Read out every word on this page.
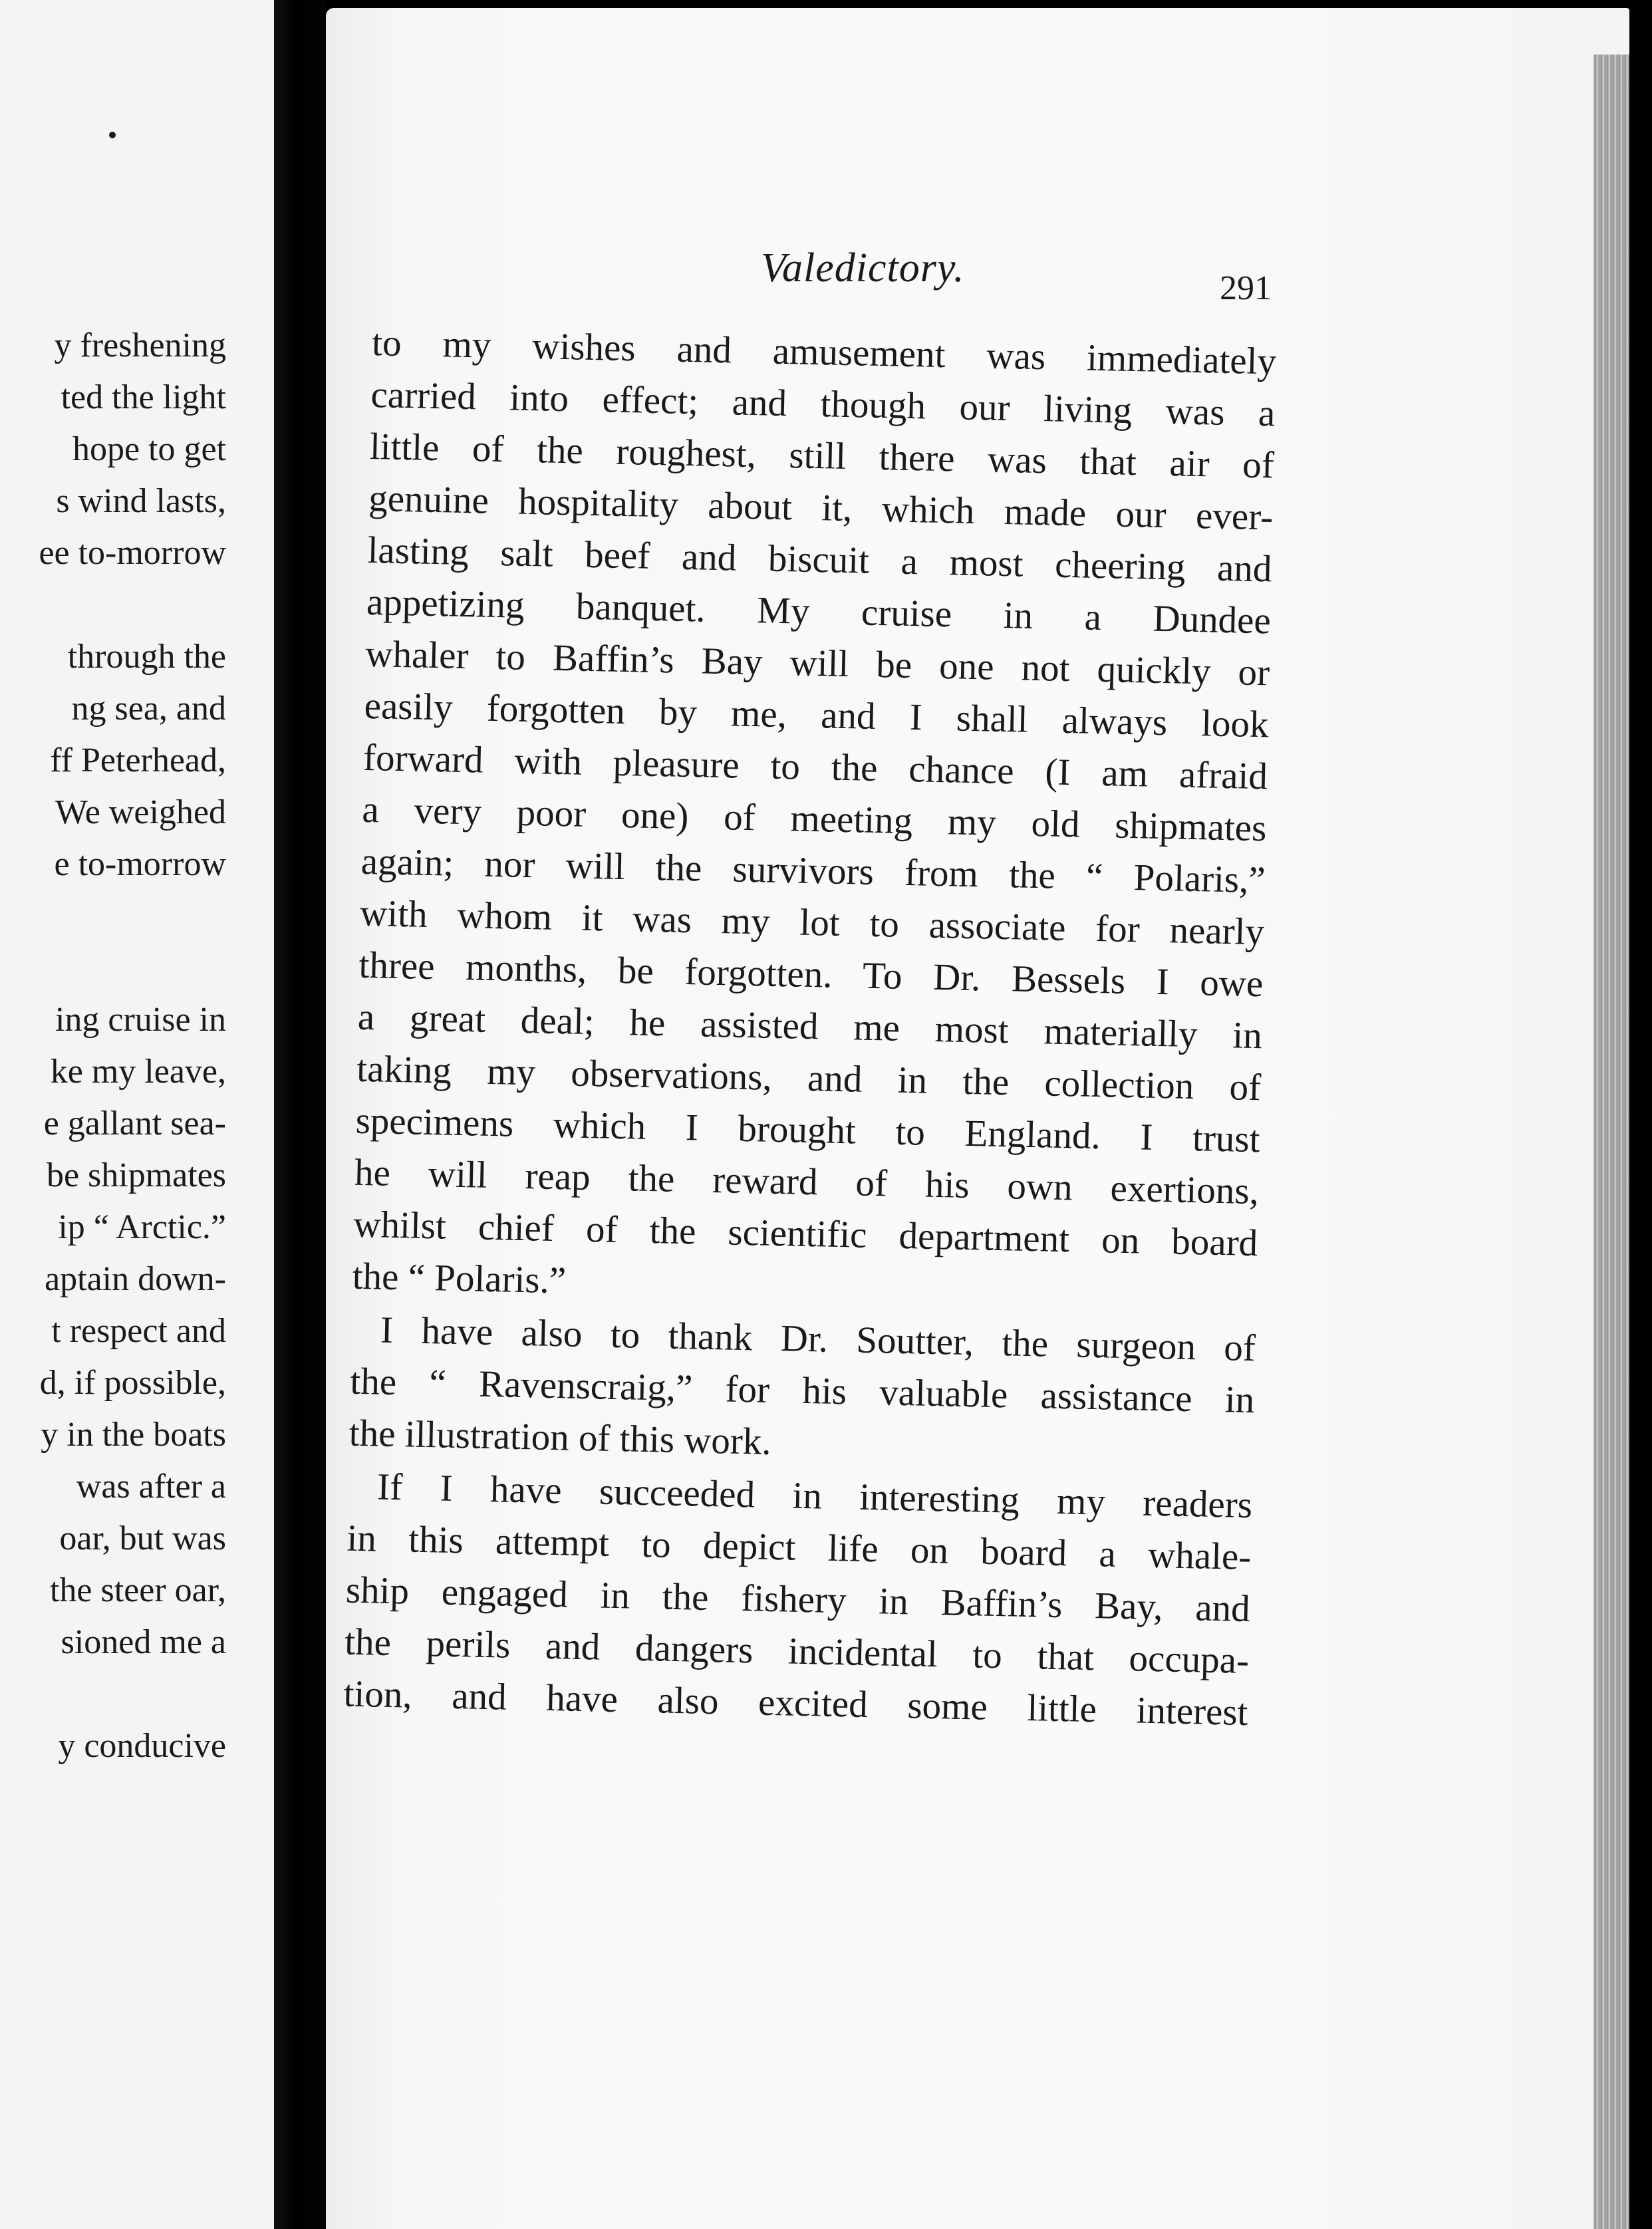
y freshening
ted the light
hope to get
s wind lasts,
ee to-morrow
through the
ng sea, and
ff Peterhead,
We weighed
e to-morrow
ing cruise in
ke my leave,
e gallant sea-
be shipmates
ip “ Arctic.”
aptain down-
t respect and
d, if possible,
y in the boats
was after a
oar, but was
the steer oar,
sioned me a
y conducive
Valedictory.	291
to my wishes and amusement was immediately
carried into effect; and though our living was a
little of the roughest, still there was that air of
genuine hospitality about it, which made our ever-
lasting salt beef and biscuit a most cheering and
appetizing banquet. My cruise in a Dundee
whaler to Baffin’s Bay will be one not quickly or
easily forgotten by me, and I shall always look
forward with pleasure to the chance (I am afraid
a very poor one) of meeting my old shipmates
again; nor will the survivors from the “ Polaris,”
with whom it was my lot to associate for nearly
three months, be forgotten. To Dr. Bessels I owe
a great deal; he assisted me most materially in
taking my observations, and in the collection of
specimens which I brought to England. I trust
he will reap the reward of his own exertions,
whilst chief of the scientific department on board
the “ Polaris.”
I have also to thank Dr. Soutter, the surgeon of
the “ Ravenscraig,” for his valuable assistance in
the illustration of this work.
If I have succeeded in interesting my readers
in this attempt to depict life on board a whale-
ship engaged in the fishery in Baffin’s Bay, and
the perils and dangers incidental to that occupa-
tion, and have also excited some little interest
